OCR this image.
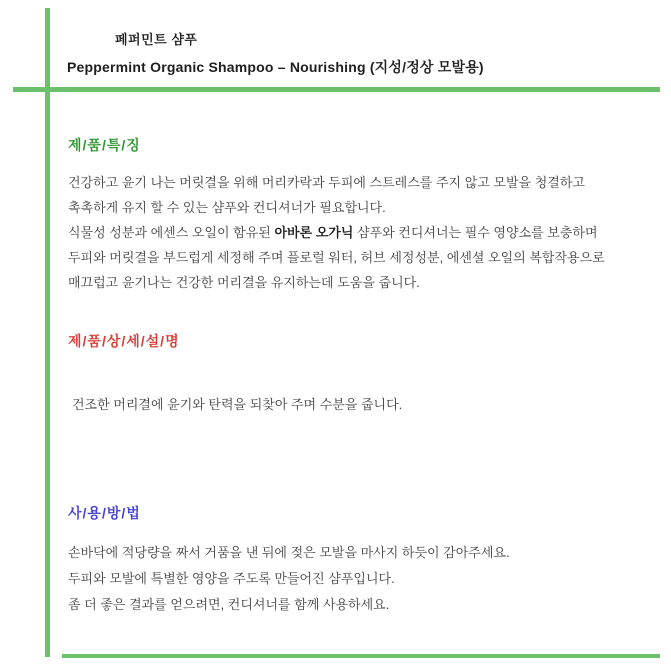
페퍼민트 샴푸
Peppermint Organic Shampoo – Nourishing (지성/정상 모발용)
제/품/특/징
건강하고 윤기 나는 머릿결을 위해 머리카락과 두피에 스트레스를 주지 않고 모발을 청결하고
촉촉하게 유지 할 수 있는 샴푸와 컨디셔너가 필요합니다.
식물성 성분과 에센스 오일이 함유된 아바론 오가닉 샴푸와 컨디셔너는 필수 영양소를 보충하며
두피와 머릿결을 부드럽게 세정해 주며 플로럴 워터, 허브 세정성분, 에센셜 오일의 복합작용으로
매끄럽고 윤기나는 건강한 머리결을 유지하는데 도움을 줍니다.
제/품/상/세/설/명
건조한 머리결에 윤기와 탄력을 되찾아 주며 수분을 줍니다.
사/용/방/법
손바닥에 적당량을 짜서 거품을 낸 뒤에 젖은 모발을 마사지 하듯이 감아주세요.
두피와 모발에 특별한 영양을 주도록 만들어진 샴푸입니다.
좀 더 좋은 결과를 얻으려면, 컨디셔너를 함께 사용하세요.
